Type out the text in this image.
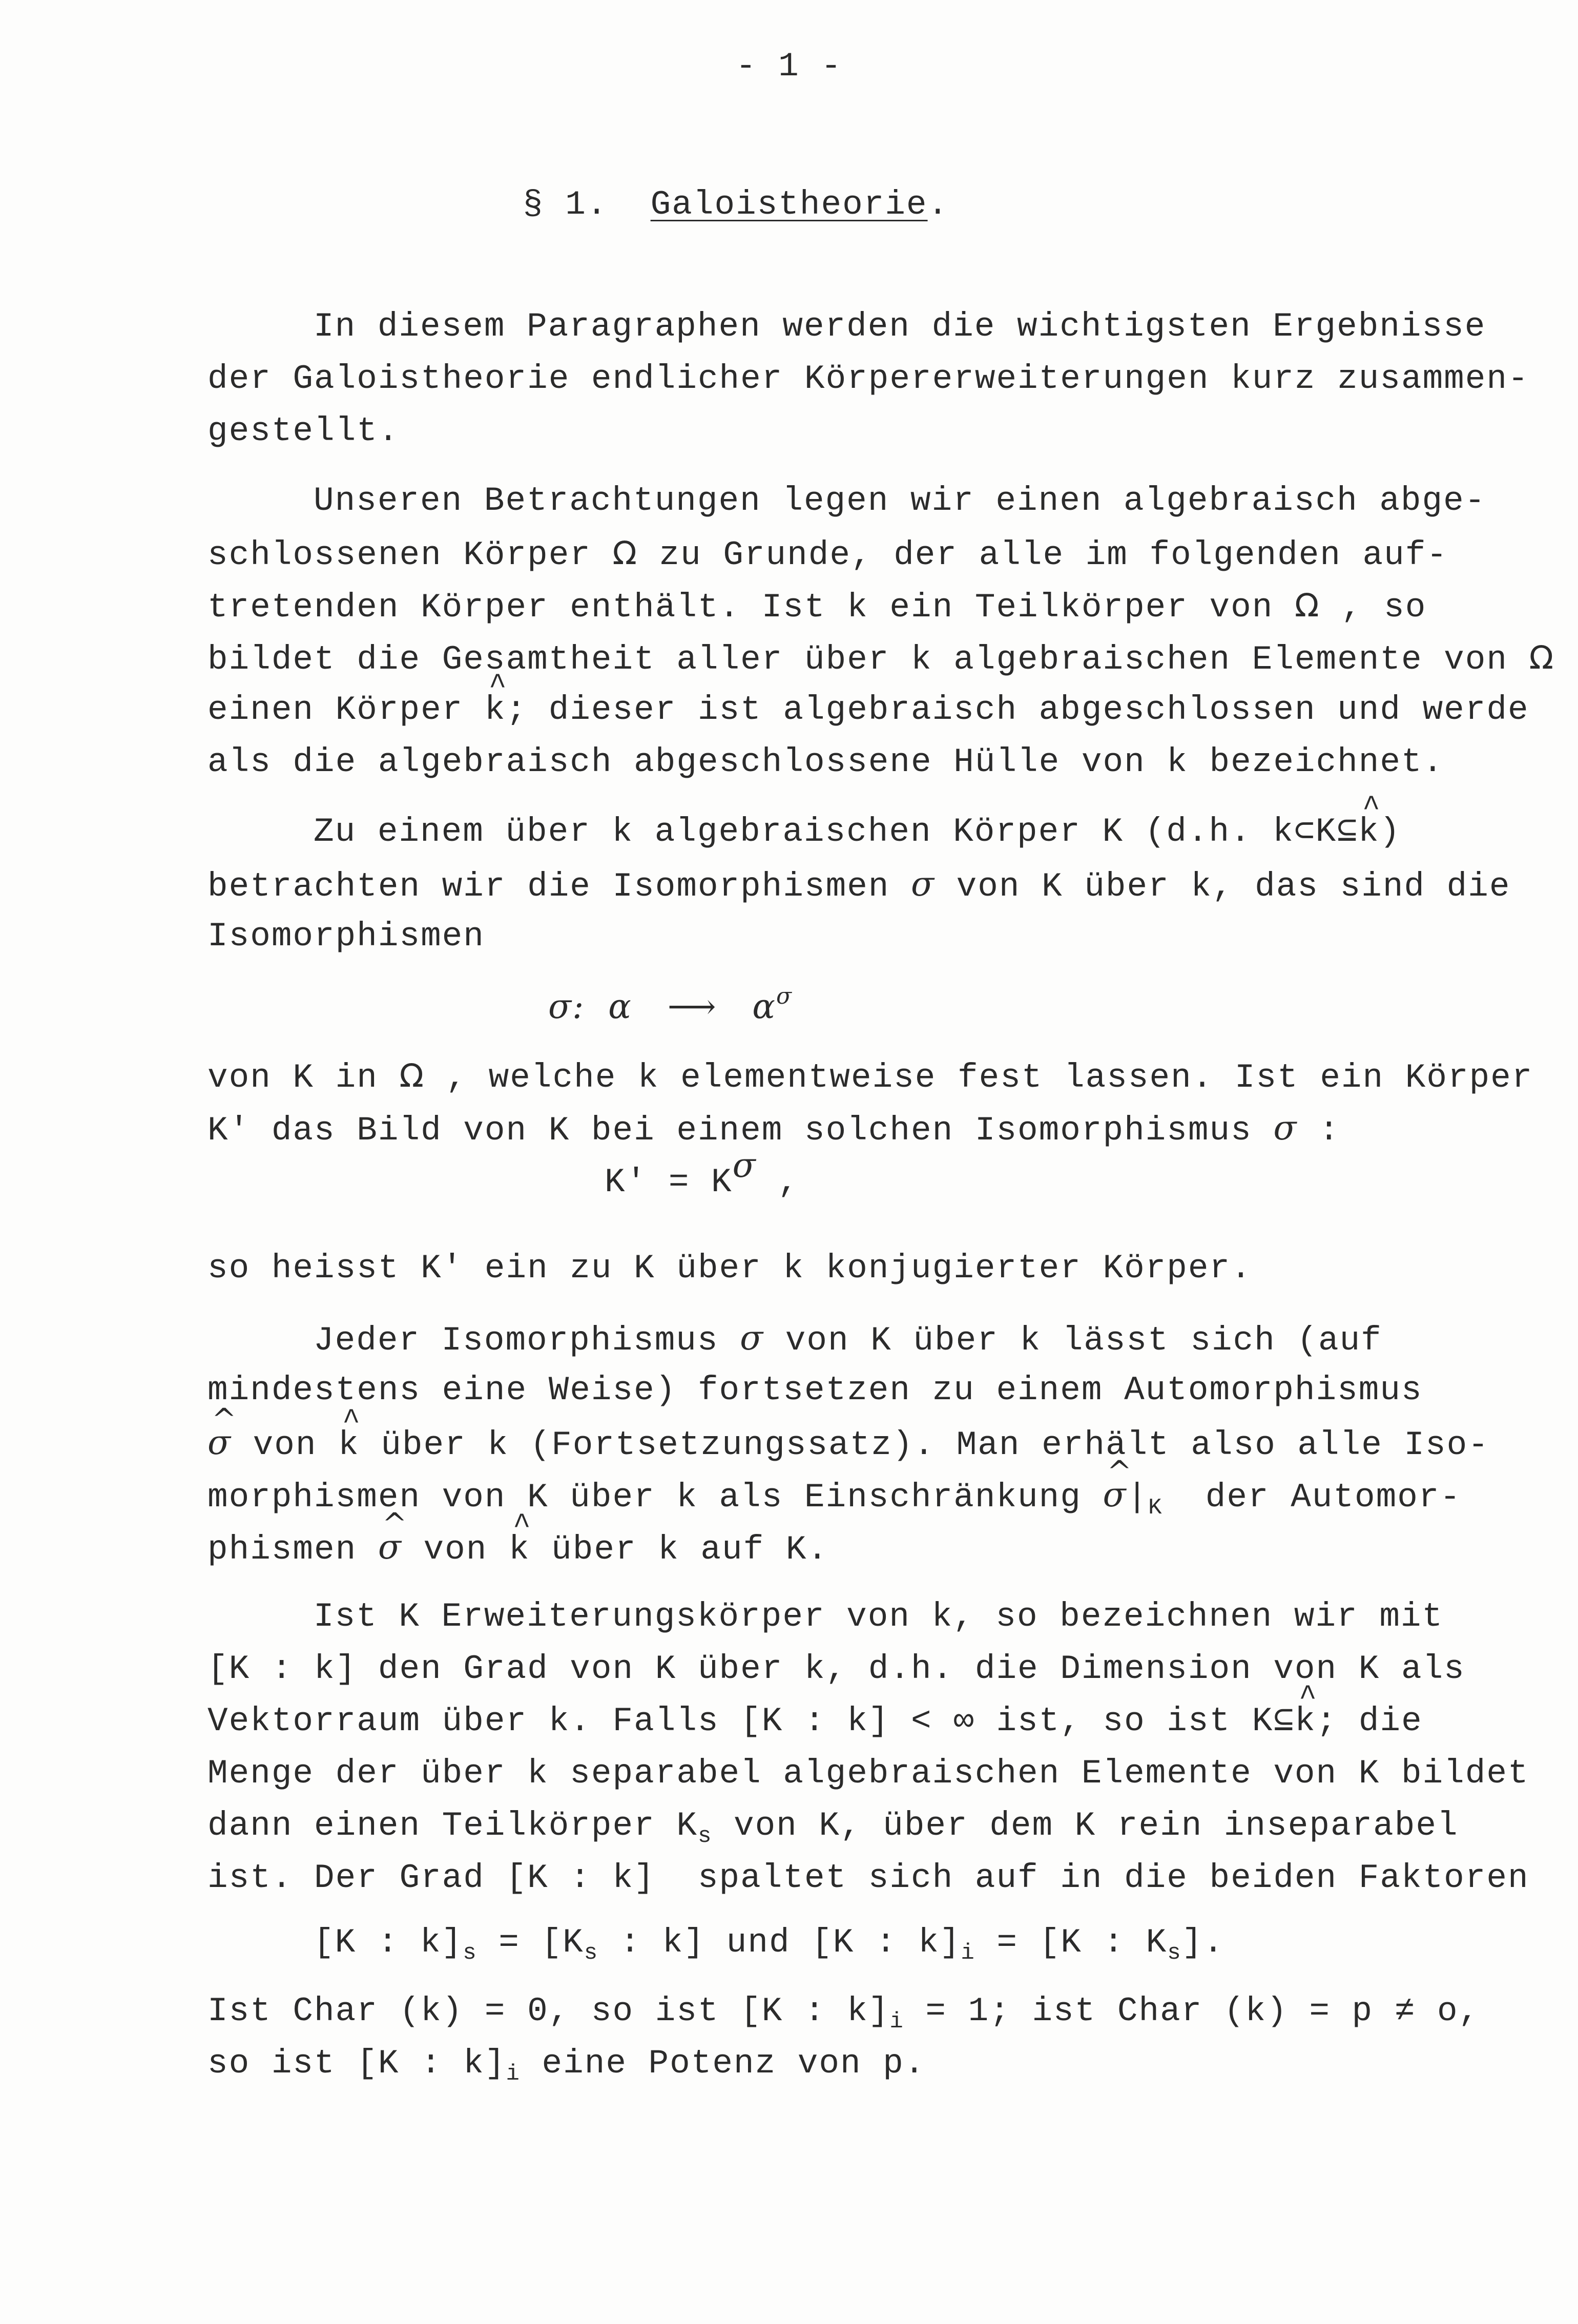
- 1 -
§ 1. Galoistheorie.
In diesem Paragraphen werden die wichtigsten Ergebnisse
der Galoistheorie endlicher Körpererweiterungen kurz zusammen-
gestellt.
Unseren Betrachtungen legen wir einen algebraisch abge-
schlossenen Körper Ω zu Grunde, der alle im folgenden auf-
tretenden Körper enthält. Ist k ein Teilkörper von Ω , so
bildet die Gesamtheit aller über k algebraischen Elemente von Ω
einen Körper ^ k; dieser ist algebraisch abgeschlossen und werde
als die algebraisch abgeschlossene Hülle von k bezeichnet.
Zu einem über k algebraischen Körper K (d.h. k⊂K⊆^ k)
betrachten wir die Isomorphismen σ von K über k, das sind die
Isomorphismen
σ: α ⟶ $\alpha^\sigma$
von K in Ω , welche k elementweise fest lassen. Ist ein Körper
K' das Bild von K bei einem solchen Isomorphismus σ :
$K' = K^\sigma$ ,
so heisst K' ein zu K über k konjugierter Körper.
Jeder Isomorphismus σ von K über k lässt sich (auf
mindestens eine Weise) fortsetzen zu einem Automorphismus
^ σ von ^ k über k (Fortsetzungssatz). Man erhält also alle Iso-
morphismen von K über k als Einschränkung ^ $\sigma|_K$  der Automor-
phismen ^ σ von ^ k über k auf K.
Ist K Erweiterungskörper von k, so bezeichnen wir mit
[K : k] den Grad von K über k, d.h. die Dimension von K als
Vektorraum über k. Falls [K : k] < ∞ ist, so ist K⊆^ k; die
Menge der über k separabel algebraischen Elemente von K bildet
dann einen Teilkörper $K_s$ von K, über dem K rein inseparabel
ist. Der Grad [K : k]  spaltet sich auf in die beiden Faktoren
[K : $k]_s = [K_s$ : k] und [K : $k]_i = [K$ : $K_s$].
Ist Char (k) = 0, so ist [K : $k]_i = 1$; ist Char (k) = p ≠ o,
so ist [K : $k]_i$ eine Potenz von p.
